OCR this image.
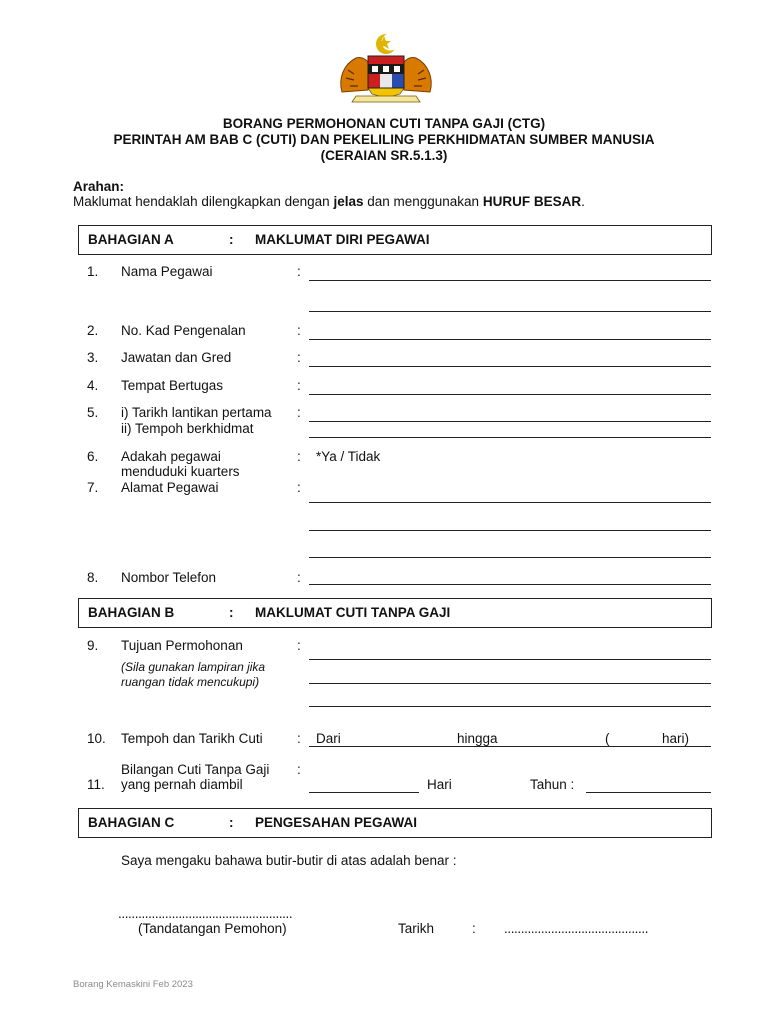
BORANG PERMOHONAN CUTI TANPA GAJI (CTG)
PERINTAH AM BAB C (CUTI) DAN PEKELILING PERKHIDMATAN SUMBER MANUSIA
(CERAIAN SR.5.1.3)
Arahan:
Maklumat hendaklah dilengkapkan dengan jelas dan menggunakan HURUF BESAR.
BAHAGIAN A	: MAKLUMAT DIRI PEGAWAI
1. Nama Pegawai	:
2. No. Kad Pengenalan	:
3. Jawatan dan Gred	:
4. Tempat Bertugas	:
5. i) Tarikh lantikan pertama
ii) Tempoh berkhidmat
:
6. Adakah pegawai
menduduki kuarters
: *Ya / Tidak
7. Alamat Pegawai	:
8. Nombor Telefon	:
BAHAGIAN B	: MAKLUMAT CUTI TANPA GAJI
9. Tujuan Permohonan
(Sila gunakan lampiran jika
ruangan tidak mencukupi)
:
10. Tempoh dan Tarikh Cuti	: Dari	hingga	(	hari)
Bilangan Cuti Tanpa Gaji
11. yang pernah diambil
:
Hari	Tahun :
BAHAGIAN C	: PENGESAHAN PEGAWAI
Saya mengaku bahawa butir-butir di atas adalah benar :
....................................................
(Tandatangan Pemohon)	Tarikh	: ...........................................
Borang Kemaskini Feb 2023
